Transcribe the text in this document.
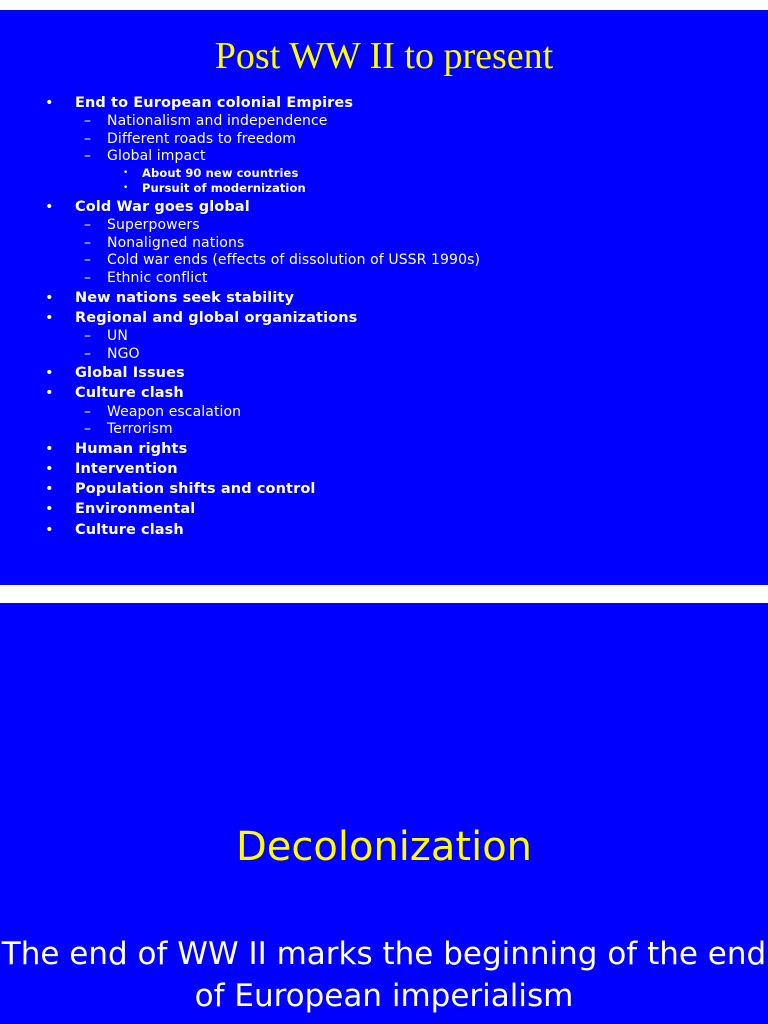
Post WW II to present
• End to European colonial Empires
– Nationalism and independence
– Different roads to freedom
– Global impact
• About 90 new countries
• Pursuit of modernization
• Cold War goes global
– Superpowers
– Nonaligned nations
– Cold war ends (effects of dissolution of USSR 1990s)
– Ethnic conflict
• New nations seek stability
• Regional and global organizations
– UN
– NGO
• Global Issues
• Culture clash
– Weapon escalation
– Terrorism
• Human rights
• Intervention
• Population shifts and control
• Environmental
• Culture clash
Decolonization

The end of WW II marks the beginning of the end of European imperialism
